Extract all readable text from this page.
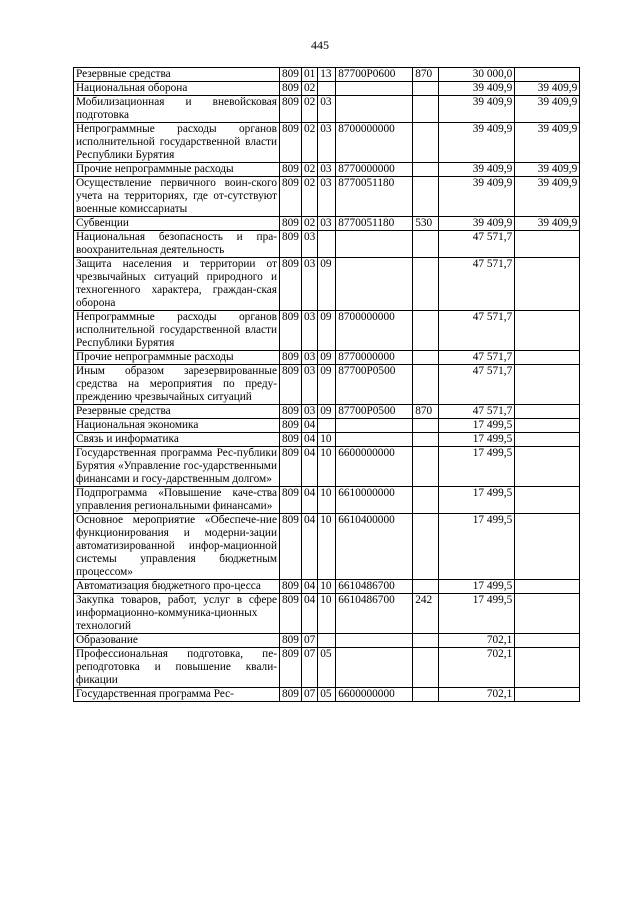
445
Резервные средства	809	01	13	87700Р0600	870	30 000,0	
Национальная оборона	809	02				39 409,9	39 409,9
Мобилизационная и вневойсковая подготовка	809	02	03			39 409,9	39 409,9
Непрограммные расходы органов исполнительной государственной власти Республики Бурятия	809	02	03	8700000000		39 409,9	39 409,9
Прочие непрограммные расходы	809	02	03	8770000000		39 409,9	39 409,9
Осуществление первичного воин-ского учета на территориях, где от-сутствуют военные комиссариаты	809	02	03	8770051180		39 409,9	39 409,9
Субвенции	809	02	03	8770051180	530	39 409,9	39 409,9
Национальная безопасность и пра-воохранительная деятельность	809	03				47 571,7	
Защита населения и территории от чрезвычайных ситуаций природного и техногенного характера, граждан-ская оборона	809	03	09			47 571,7	
Непрограммные расходы органов исполнительной государственной власти Республики Бурятия	809	03	09	8700000000		47 571,7	
Прочие непрограммные расходы	809	03	09	8770000000		47 571,7	
Иным образом зарезервированные средства на мероприятия по преду-преждению чрезвычайных ситуаций	809	03	09	87700Р0500		47 571,7	
Резервные средства	809	03	09	87700Р0500	870	47 571,7	
Национальная экономика	809	04				17 499,5	
Связь и информатика	809	04	10			17 499,5	
Государственная программа Рес-публики Бурятия «Управление гос-ударственными финансами и госу-дарственным долгом»	809	04	10	6600000000		17 499,5	
Подпрограмма «Повышение каче-ства управления региональными финансами»	809	04	10	6610000000		17 499,5	
Основное мероприятие «Обеспече-ние функционирования и модерни-зации автоматизированной инфор-мационной системы управления бюджетным процессом»	809	04	10	6610400000		17 499,5	
Автоматизация бюджетного про-цесса	809	04	10	6610486700		17 499,5	
Закупка товаров, работ, услуг в сфере информационно-коммуника-ционных технологий	809	04	10	6610486700	242	17 499,5	
Образование	809	07				702,1	
Профессиональная подготовка, пе-реподготовка и повышение квали-фикации	809	07	05			702,1	
Государственная программа Рес-	809	07	05	6600000000		702,1	
